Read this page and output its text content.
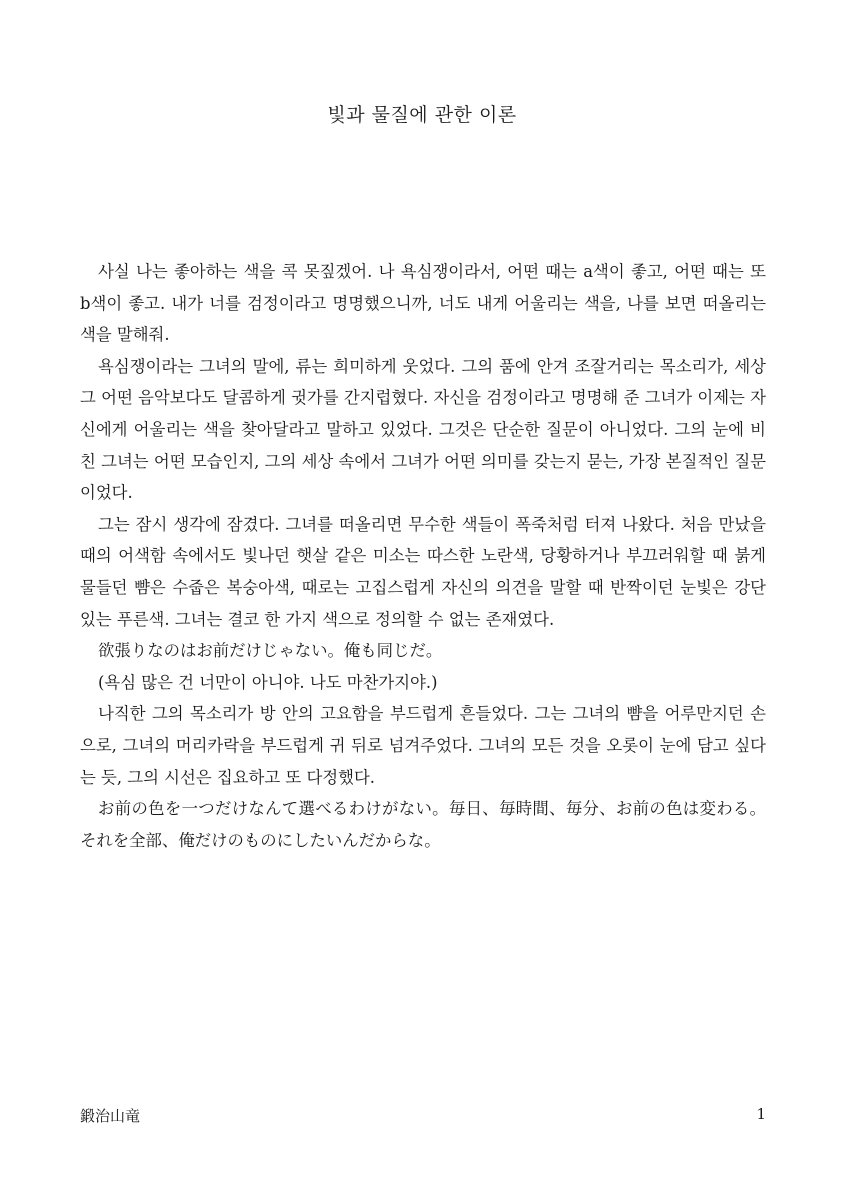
빛과 물질에 관한 이론

사실 나는 좋아하는 색을 콕 못짚겠어. 나 욕심쟁이라서, 어떤 때는 a색이 좋고, 어떤 때는 또 b색이 좋고. 내가 너를 검정이라고 명명했으니까, 너도 내게 어울리는 색을, 나를 보면 떠올리는 색을 말해줘.

욕심쟁이라는 그녀의 말에, 류는 희미하게 웃었다. 그의 품에 안겨 조잘거리는 목소리가, 세상 그 어떤 음악보다도 달콤하게 귓가를 간지럽혔다. 자신을 검정이라고 명명해 준 그녀가 이제는 자신에게 어울리는 색을 찾아달라고 말하고 있었다. 그것은 단순한 질문이 아니었다. 그의 눈에 비친 그녀는 어떤 모습인지, 그의 세상 속에서 그녀가 어떤 의미를 갖는지 묻는, 가장 본질적인 질문이었다.

그는 잠시 생각에 잠겼다. 그녀를 떠올리면 무수한 색들이 폭죽처럼 터져 나왔다. 처음 만났을 때의 어색함 속에서도 빛나던 햇살 같은 미소는 따스한 노란색, 당황하거나 부끄러워할 때 붉게 물들던 뺨은 수줍은 복숭아색, 때로는 고집스럽게 자신의 의견을 말할 때 반짝이던 눈빛은 강단 있는 푸른색. 그녀는 결코 한 가지 색으로 정의할 수 없는 존재였다.

欲張りなのはお前だけじゃない。俺も同じだ。

(욕심 많은 건 너만이 아니야. 나도 마찬가지야.)

나직한 그의 목소리가 방 안의 고요함을 부드럽게 흔들었다. 그는 그녀의 뺨을 어루만지던 손으로, 그녀의 머리카락을 부드럽게 귀 뒤로 넘겨주었다. 그녀의 모든 것을 오롯이 눈에 담고 싶다는 듯, 그의 시선은 집요하고 또 다정했다.

お前の色を一つだけなんて選べるわけがない。毎日、毎時間、毎分、お前の色は変わる。それを全部、俺だけのものにしたいんだからな。

鍛治山竜	1
